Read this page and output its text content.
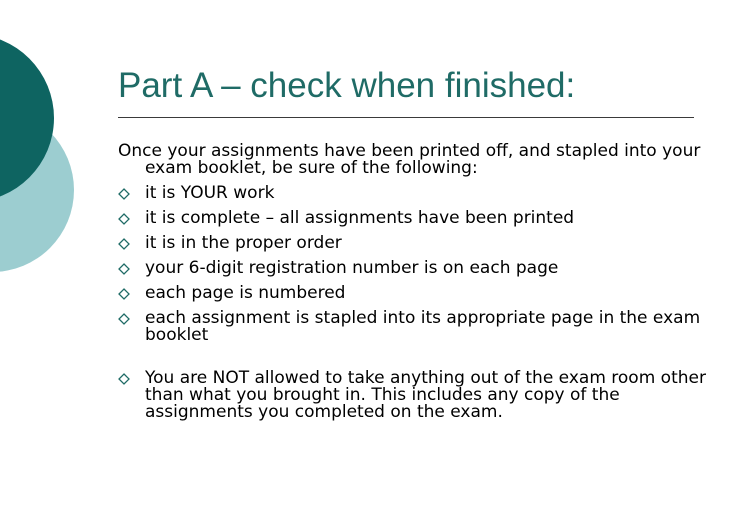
Part A – check when finished:

Once your assignments have been printed off, and stapled into your exam booklet, be sure of the following:

it is YOUR work
it is complete – all assignments have been printed
it is in the proper order
your 6-digit registration number is on each page
each page is numbered
each assignment is stapled into its appropriate page in the exam booklet
You are NOT allowed to take anything out of the exam room other than what you brought in. This includes any copy of the assignments you completed on the exam.
